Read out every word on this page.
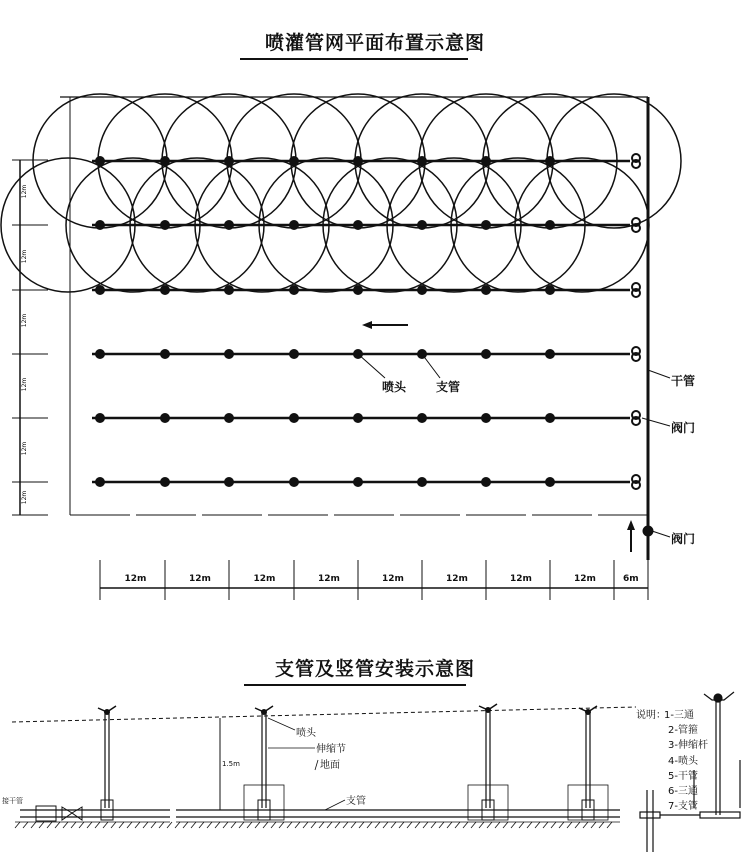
喷灌管网平面布置示意图
喷头 支管	干管
阀门
阀门
12m	12m	12m	12m	12m	12m	12m	12m	6m
12m
12m
12m
12m
12m
12m
支管及竖管安装示意图
喷头
伸缩节
地面
支管
接干管
1.5m
说明：
1-三通
2-管箍
3-伸缩杆
4-喷头
5-干管
6-三通
7-支管
